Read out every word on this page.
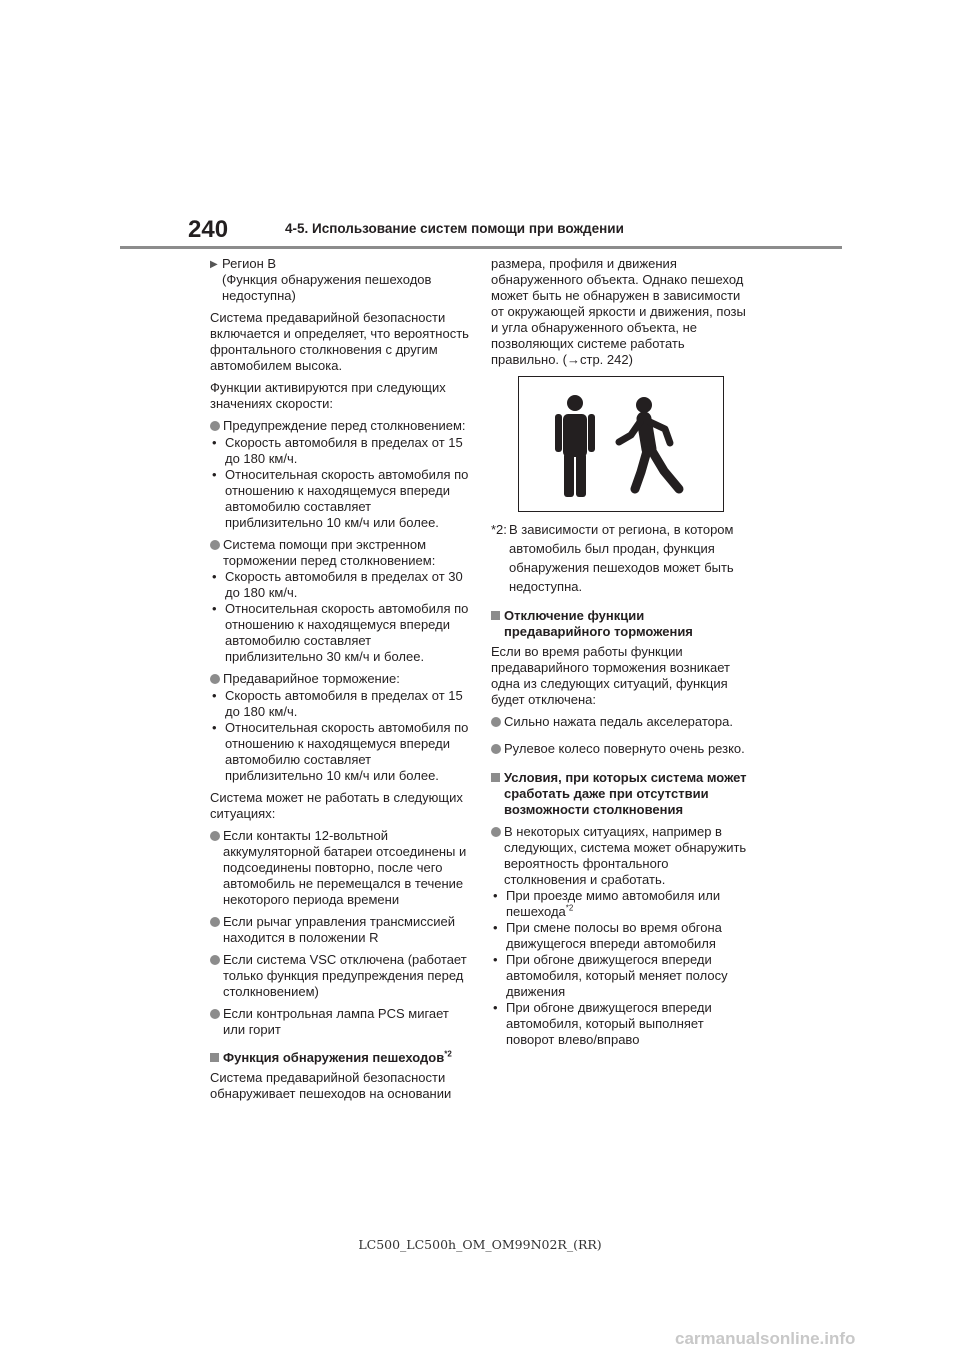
240	4-5. Использование систем помощи при вождении
▶ Регион B
(Функция обнаружения пешеходов недоступна)

Система предаварийной безопасности включается и определяет, что вероятность фронтального столкновения с другим автомобилем высока.

Функции активируются при следующих значениях скорости:

Предупреждение перед столкновением:
• Скорость автомобиля в пределах от 15 до 180 км/ч.
• Относительная скорость автомобиля по отношению к находящемуся впереди автомобилю составляет приблизительно 10 км/ч или более.
Система помощи при экстренном торможении перед столкновением:
• Скорость автомобиля в пределах от 30 до 180 км/ч.
• Относительная скорость автомобиля по отношению к находящемуся впереди автомобилю составляет приблизительно 30 км/ч и более.
Предаварийное торможение:
• Скорость автомобиля в пределах от 15 до 180 км/ч.
• Относительная скорость автомобиля по отношению к находящемуся впереди автомобилю составляет приблизительно 10 км/ч или более.

Система может не работать в следующих ситуациях:

Если контакты 12-вольтной аккумуляторной батареи отсоединены и подсоединены повторно, после чего автомобиль не перемещался в течение некоторого периода времени
Если рычаг управления трансмиссией находится в положении R
Если система VSC отключена (работает только функция предупреждения перед столкновением)
Если контрольная лампа PCS мигает или горит
Функция обнаружения пешеходов$^{*2}$

Система предаварийной безопасности обнаруживает пешеходов на основании

размера, профиля и движения обнаруженного объекта. Однако пешеход может быть не обнаружен в зависимости от окружающей яркости и движения, позы и угла обнаруженного объекта, не позволяющих системе работать правильно. (→стр. 242)

*2: В зависимости от региона, в котором автомобиль был продан, функция обнаружения пешеходов может быть недоступна.
Отключение функции предаварийного торможения

Если во время работы функции предаварийного торможения возникает одна из следующих ситуаций, функция будет отключена:

Сильно нажата педаль акселератора.
Рулевое колесо повернуто очень резко.
Условия, при которых система может сработать даже при отсутствии возможности столкновения
В некоторых ситуациях, например в следующих, система может обнаружить вероятность фронтального столкновения и сработать.
• При проезде мимо автомобиля или пешехода$^{*2}$
• При смене полосы во время обгона движущегося впереди автомобиля
• При обгоне движущегося впереди автомобиля, который меняет полосу движения
• При обгоне движущегося впереди автомобиля, который выполняет поворот влево/вправо
LC500_LC500h_OM_OM99N02R_(RR)
carmanualsonline.info
